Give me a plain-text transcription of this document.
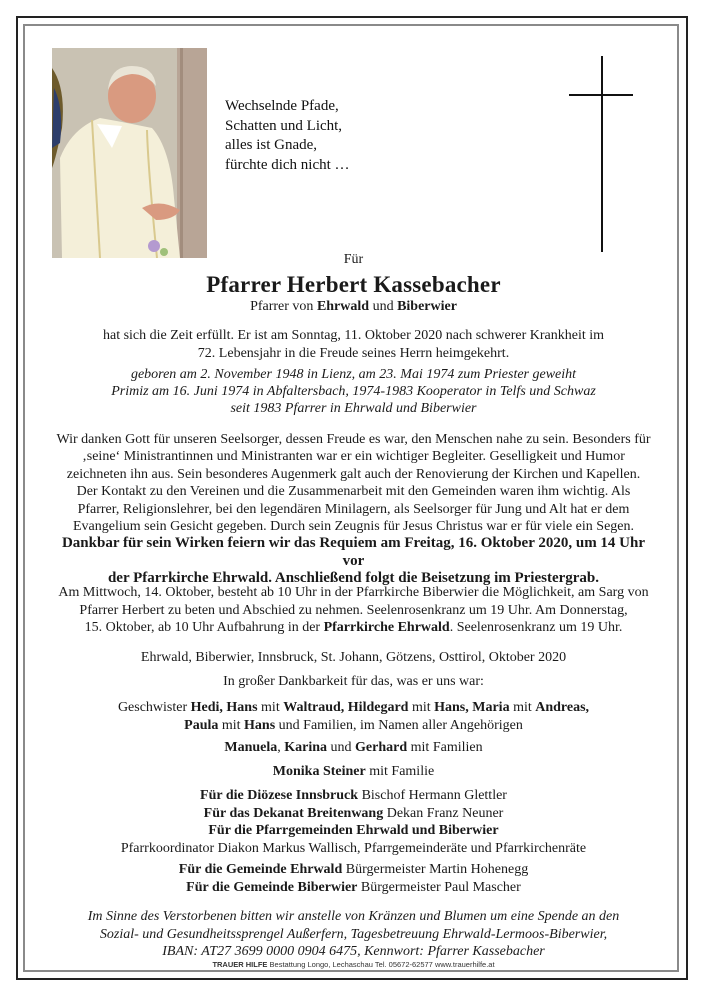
Wechselnde Pfade,
Schatten und Licht,
alles ist Gnade,
fürchte dich nicht …
Für
Pfarrer Herbert Kassebacher
Pfarrer von Ehrwald und Biberwier
hat sich die Zeit erfüllt. Er ist am Sonntag, 11. Oktober 2020 nach schwerer Krankheit im
72. Lebensjahr in die Freude seines Herrn heimgekehrt.
geboren am 2. November 1948 in Lienz, am 23. Mai 1974 zum Priester geweiht
Primiz am 16. Juni 1974 in Abfaltersbach, 1974-1983 Kooperator in Telfs und Schwaz
seit 1983 Pfarrer in Ehrwald und Biberwier
Wir danken Gott für unseren Seelsorger, dessen Freude es war, den Menschen nahe zu sein. Besonders für
‚seine‘ Ministrantinnen und Ministranten war er ein wichtiger Begleiter. Geselligkeit und Humor
zeichneten ihn aus. Sein besonderes Augenmerk galt auch der Renovierung der Kirchen und Kapellen.
Der Kontakt zu den Vereinen und die Zusammenarbeit mit den Gemeinden waren ihm wichtig. Als
Pfarrer, Religionslehrer, bei den legendären Minilagern, als Seelsorger für Jung und Alt hat er dem
Evangelium sein Gesicht gegeben. Durch sein Zeugnis für Jesus Christus war er für viele ein Segen.
Dankbar für sein Wirken feiern wir das Requiem am Freitag, 16. Oktober 2020, um 14 Uhr vor
der Pfarrkirche Ehrwald. Anschließend folgt die Beisetzung im Priestergrab.
Am Mittwoch, 14. Oktober, besteht ab 10 Uhr in der Pfarrkirche Biberwier die Möglichkeit, am Sarg von
Pfarrer Herbert zu beten und Abschied zu nehmen. Seelenrosenkranz um 19 Uhr. Am Donnerstag,
15. Oktober, ab 10 Uhr Aufbahrung in der Pfarrkirche Ehrwald. Seelenrosenkranz um 19 Uhr.
Ehrwald, Biberwier, Innsbruck, St. Johann, Götzens, Osttirol, Oktober 2020
In großer Dankbarkeit für das, was er uns war:
Geschwister Hedi, Hans mit Waltraud, Hildegard mit Hans, Maria mit Andreas,
Paula mit Hans und Familien, im Namen aller Angehörigen
Manuela, Karina und Gerhard mit Familien
Monika Steiner mit Familie
Für die Diözese Innsbruck Bischof Hermann Glettler
Für das Dekanat Breitenwang Dekan Franz Neuner
Für die Pfarrgemeinden Ehrwald und Biberwier
Pfarrkoordinator Diakon Markus Wallisch, Pfarrgemeinderäte und Pfarrkirchenräte
Für die Gemeinde Ehrwald Bürgermeister Martin Hohenegg
Für die Gemeinde Biberwier Bürgermeister Paul Mascher
Im Sinne des Verstorbenen bitten wir anstelle von Kränzen und Blumen um eine Spende an den
Sozial- und Gesundheitssprengel Außerfern, Tagesbetreuung Ehrwald-Lermoos-Biberwier,
IBAN: AT27 3699 0000 0904 6475, Kennwort: Pfarrer Kassebacher
TRAUER HILFE Bestattung Longo, Lechaschau Tel. 05672-62577 www.trauerhilfe.at
